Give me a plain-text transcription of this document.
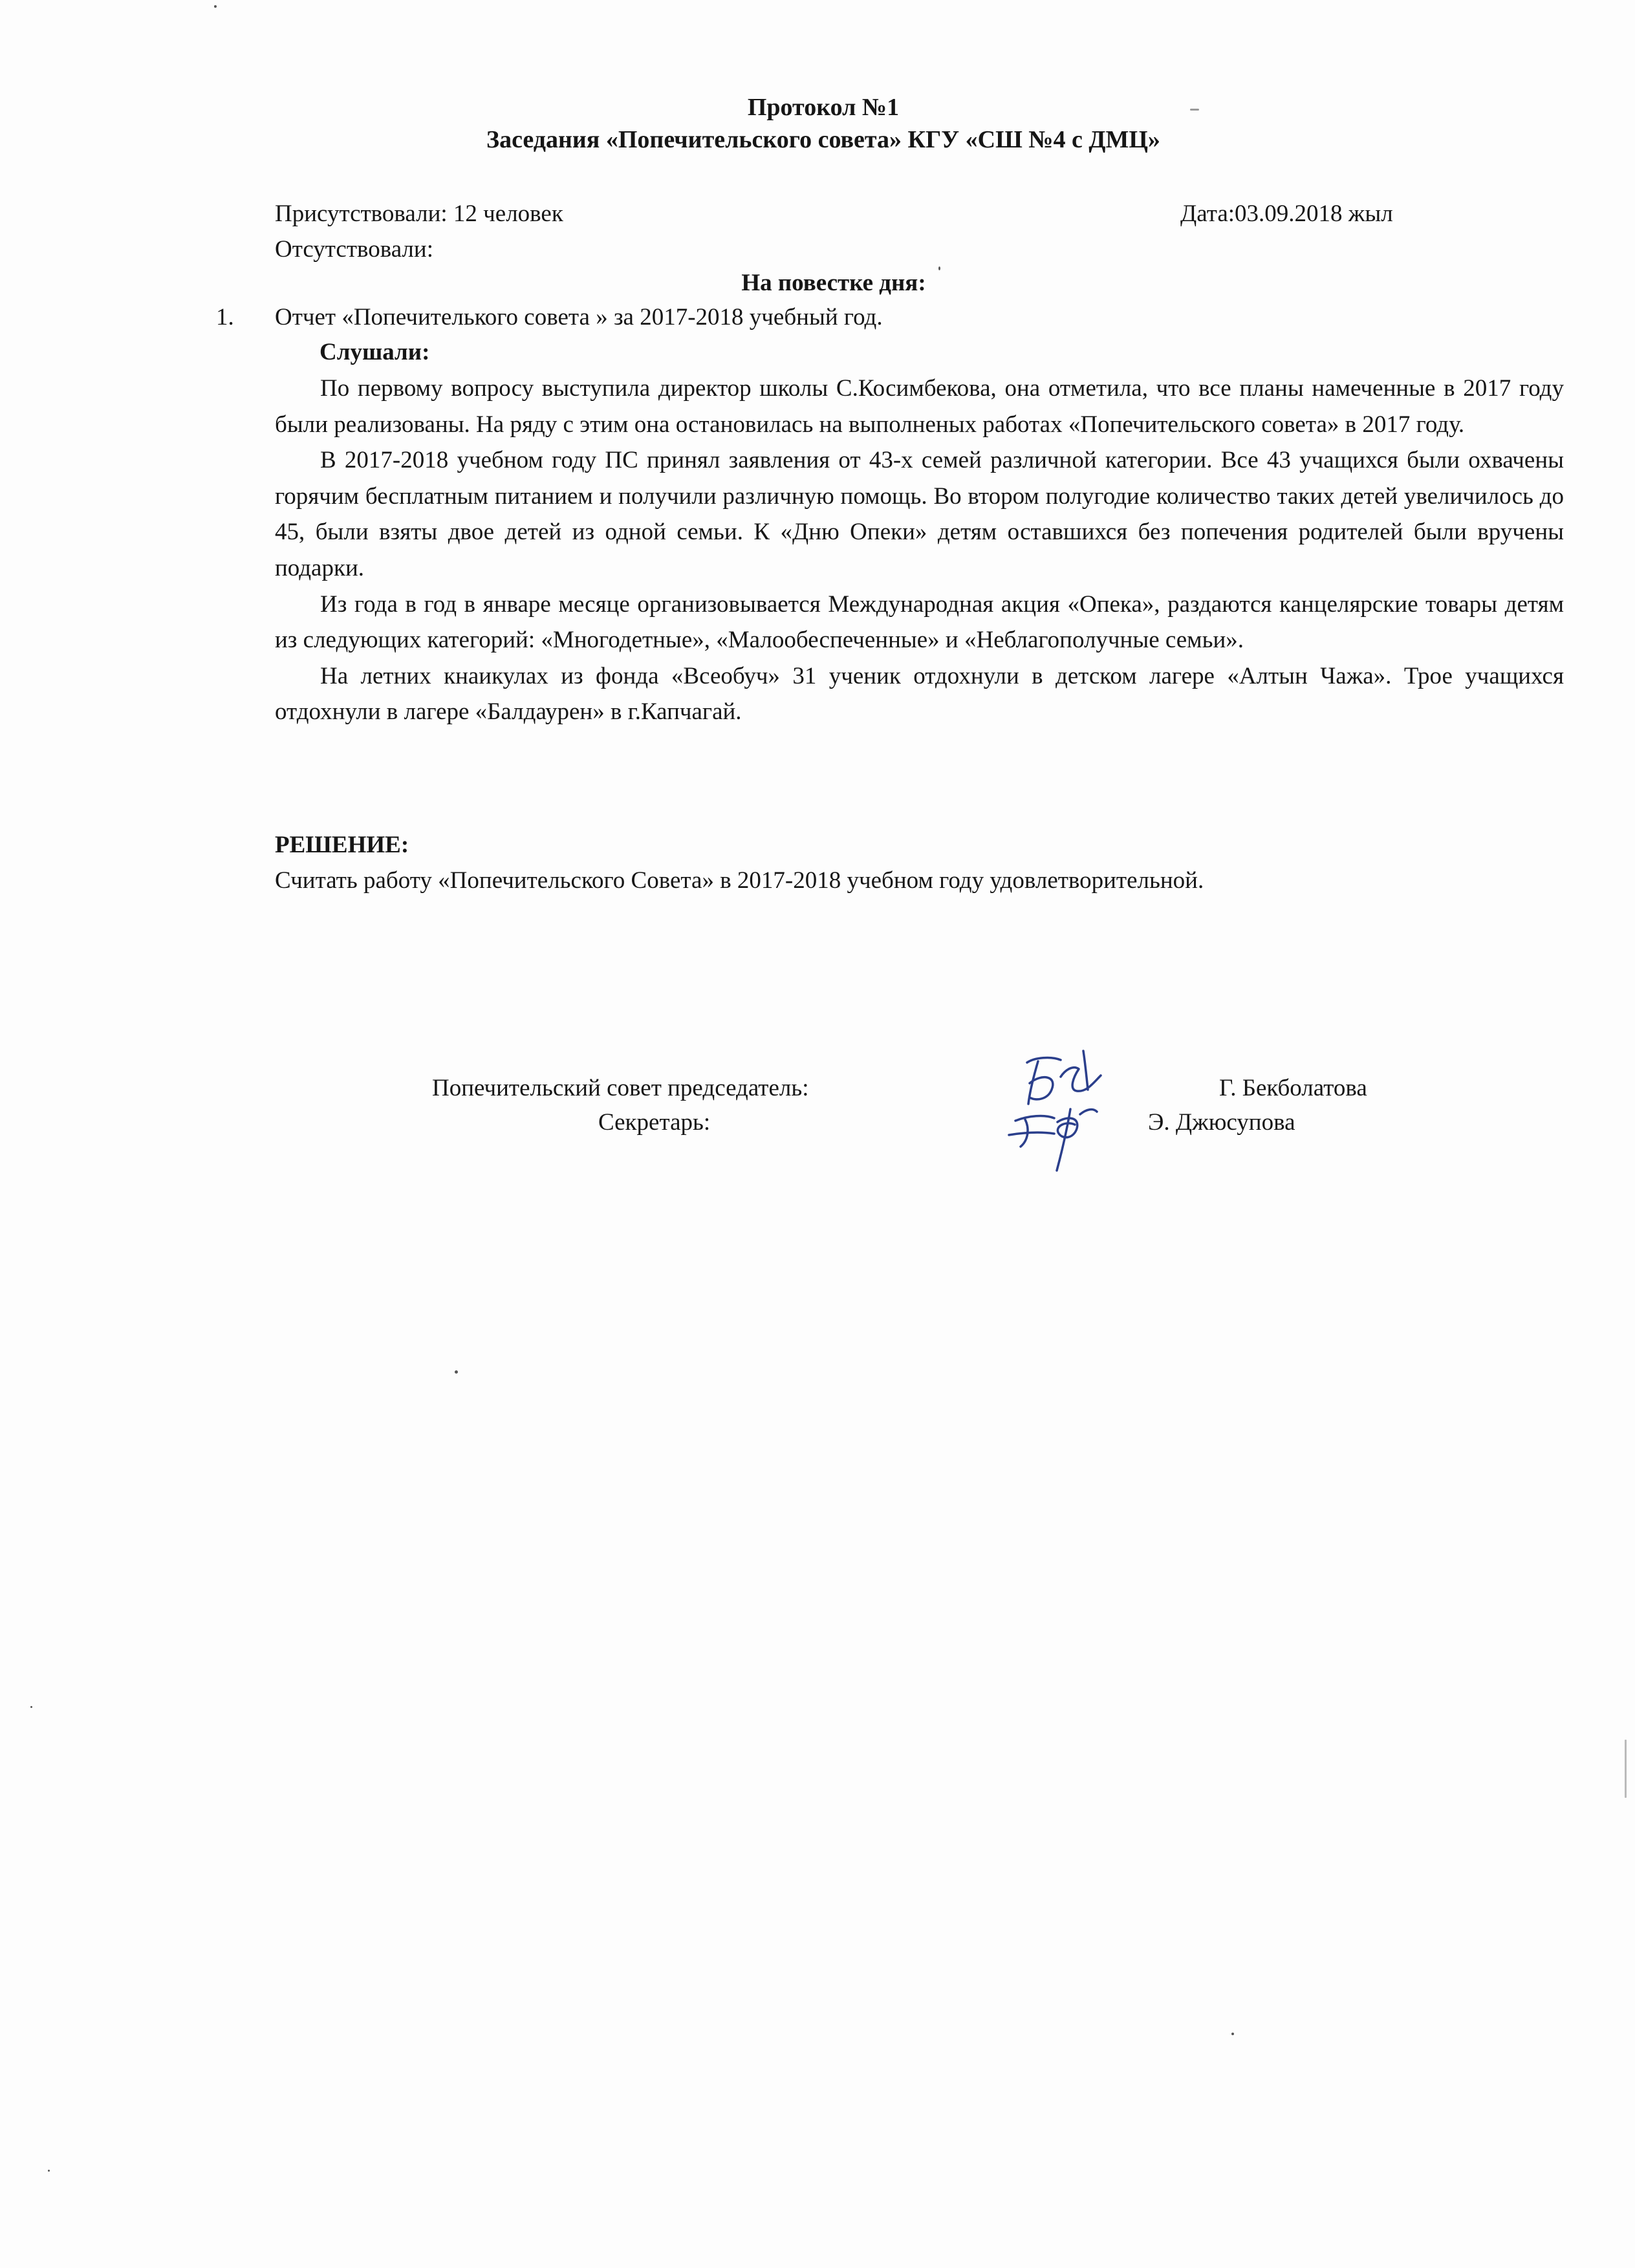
Протокол №1
Заседания «Попечительского совета» КГУ «СШ №4 с ДМЦ»
Присутствовали: 12 человек	Дата:03.09.2018 жыл
Отсутствовали:
На повестке дня:
1. Отчет «Попечителького совета » за 2017-2018 учебный год.
Слушали:

По первому вопросу выступила директор школы С.Косимбекова, она отметила, что все планы намеченные в 2017 году были реализованы. На ряду с этим она остановилась на выполненых работах «Попечительского совета» в 2017 году.

В 2017-2018 учебном году ПС принял заявления от 43-х семей различной категории. Все 43 учащихся были охвачены горячим бесплатным питанием и получили различную помощь. Во втором полугодие количество таких детей увеличилось до 45, были взяты двое детей из одной семьи. К «Дню Опеки» детям оставшихся без попечения родителей были вручены подарки.

Из года в год в январе месяце организовывается Международная акция «Опека», раздаются канцелярские товары детям из следующих категорий: «Многодетные», «Малообеспеченные» и «Неблагополучные семьи».

На летних кнаикулах из фонда «Всеобуч» 31 ученик отдохнули в детском лагере «Алтын Чажа». Трое учащихся отдохнули в лагере «Балдаурен» в г.Капчагай.

РЕШЕНИЕ:
Считать работу «Попечительского Совета» в 2017-2018 учебном году удовлетворительной.
Попечительский совет председатель:	Г. Бекболатова
Секретарь:	Э. Джюсупова
